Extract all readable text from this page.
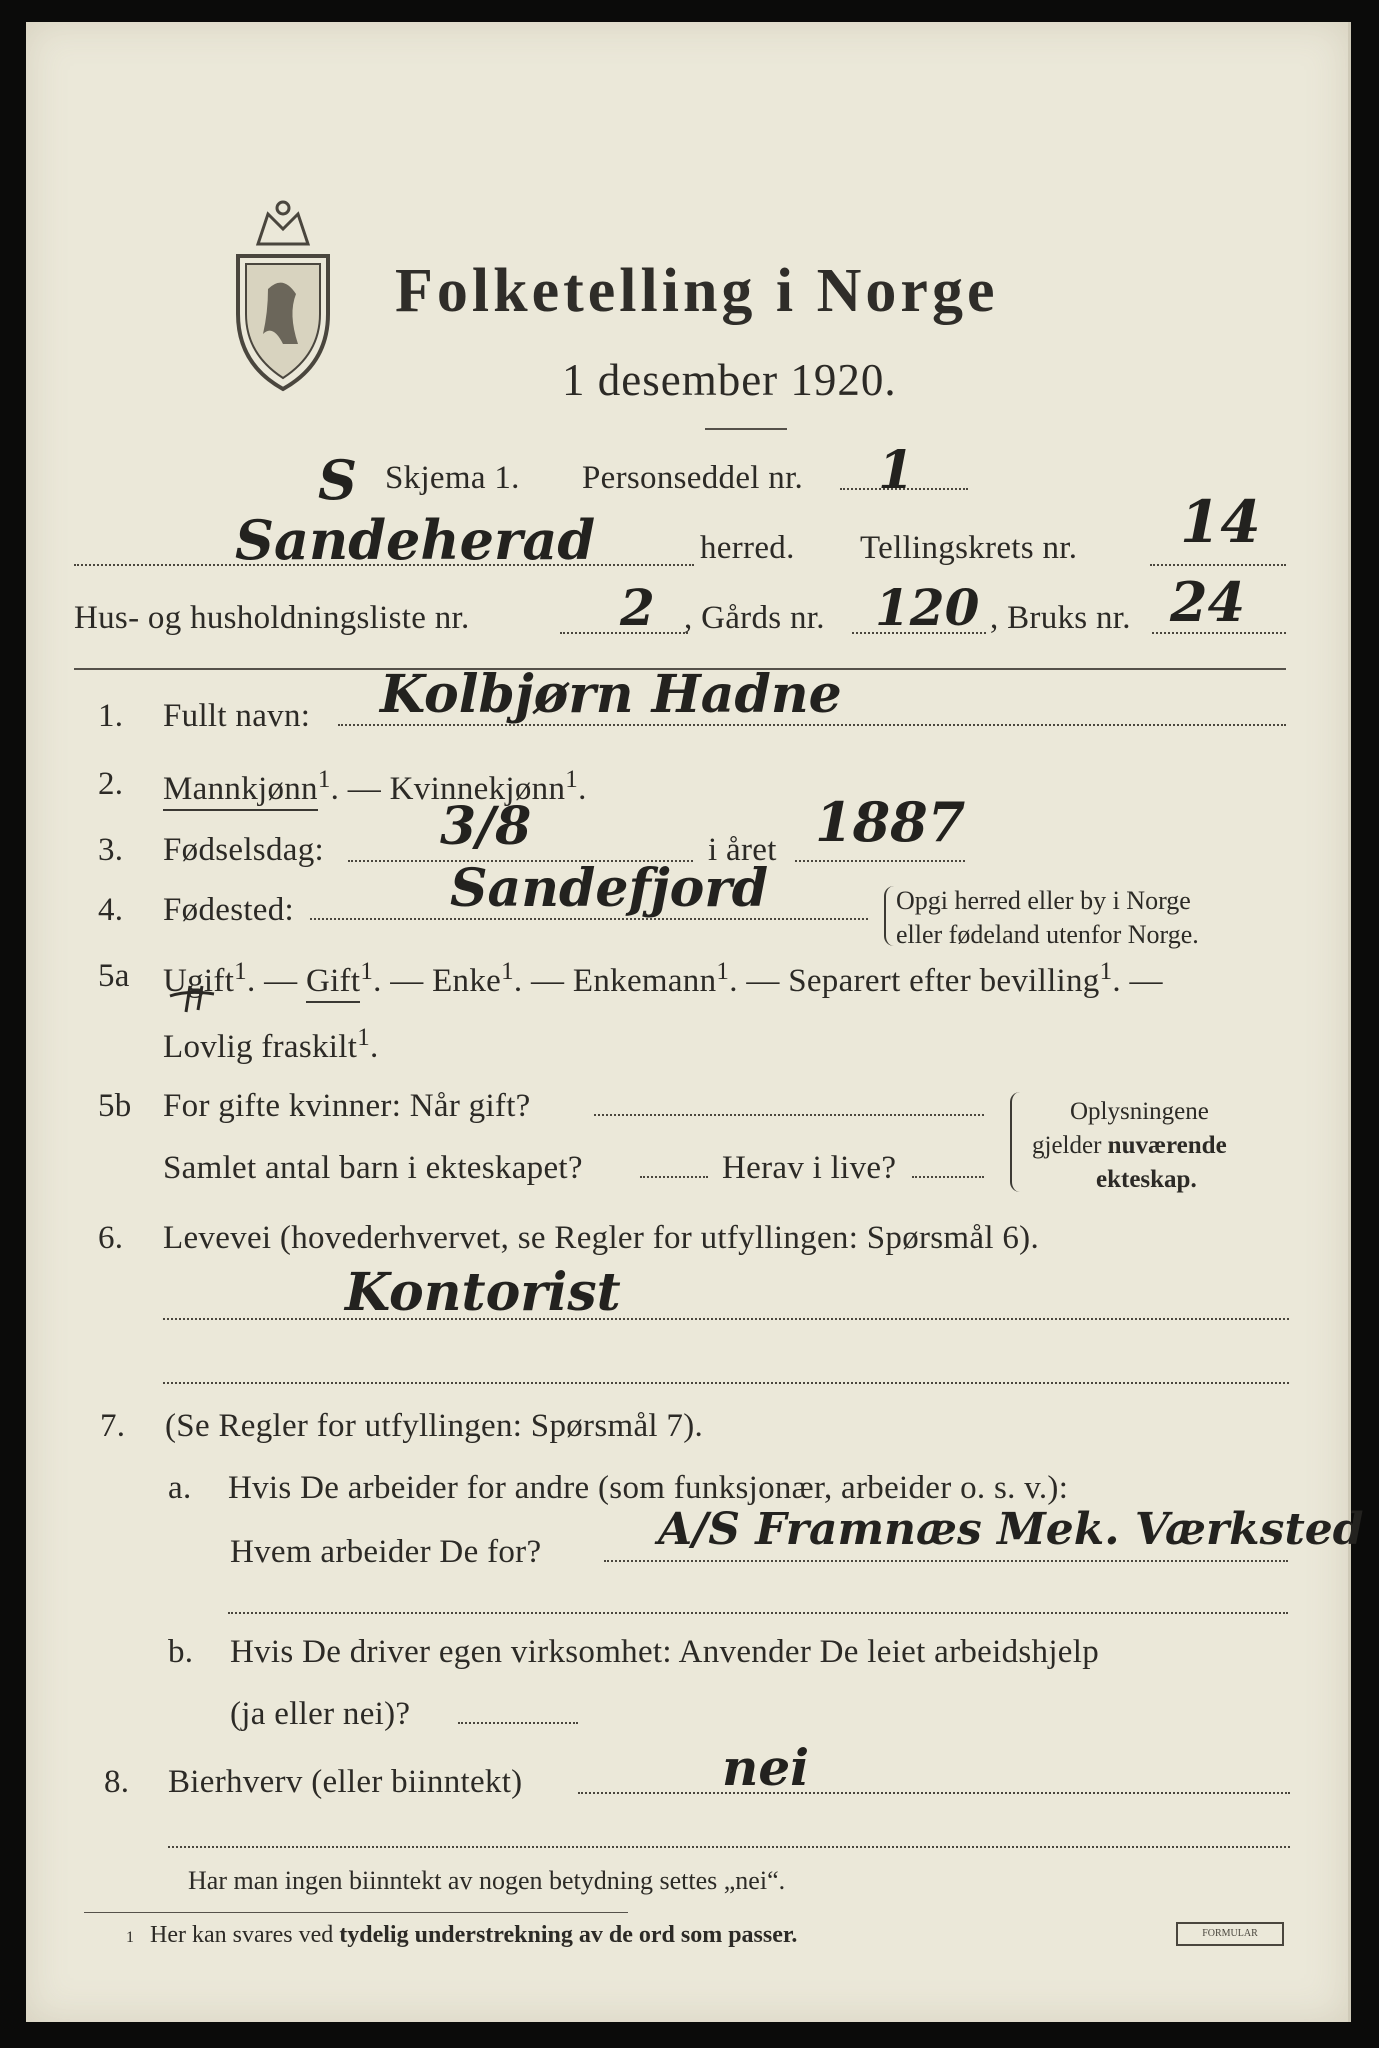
Folketelling i Norge
1 desember 1920.
S Skjema 1. Personseddel nr. 1
Sandeherad	herred. Tellingskrets nr. 14
Hus- og husholdningsliste nr.	2 , Gårds nr. 120 , Bruks nr. 24
1. Fullt navn: Kolbjørn Hadne
2. Mannkjønn$^1$. — Kvinnekjønn$^1$.
3. Fødselsdag: 3/8	i året 1887
4. Fødested:	Sandefjord	Opgi herred eller by i Norge
eller fødeland utenfor Norge.
5a Ugift$^1$. — Gift$^1$. — Enke$^1$. — Enkemann$^1$. — Separert efter bevilling$^1$. —
Lovlig fraskilt$^1$.
5b For gifte kvinner: Når gift?
Samlet antal barn i ekteskapet?	Herav i live?
Oplysningene
gjelder nuværende
ekteskap.
6. Levevei (hovederhvervet, se Regler for utfyllingen: Spørsmål 6).
Kontorist
7. (Se Regler for utfyllingen: Spørsmål 7).
a. Hvis De arbeider for andre (som funksjonær, arbeider o. s. v.):
Hvem arbeider De for?	A/S Framnæs Mek. Værksted
b. Hvis De driver egen virksomhet: Anvender De leiet arbeidshjelp
(ja eller nei)?
8. Bierhverv (eller biinntekt)	nei
Har man ingen biinntekt av nogen betydning settes „nei“.
1 Her kan svares ved tydelig understrekning av de ord som passer.	FORMULAR
